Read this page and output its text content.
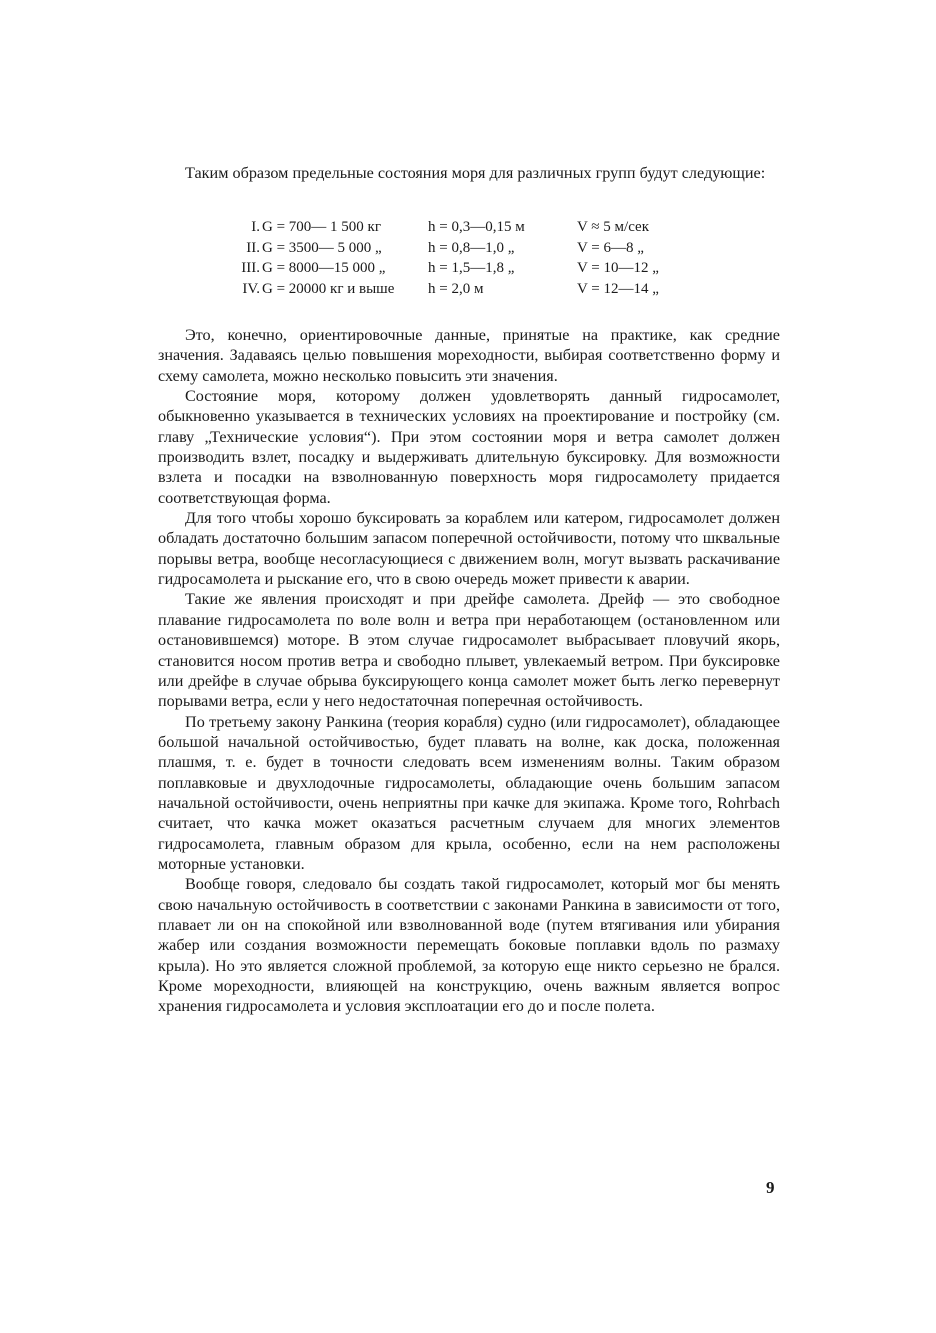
Таким образом предельные состояния моря для различных групп будут следующие:

I. G = 700— 1 500 кг	h = 0,3—0,15 м	V ≈ 5 м/сек
II. G = 3500— 5 000 „	h = 0,8—1,0 „	V = 6—8 „
III. G = 8000—15 000 „	h = 1,5—1,8 „	V = 10—12 „
IV. G = 20000 кг и выше h = 2,0 м	V = 12—14 „

Это, конечно, ориентировочные данные, принятые на практике, как средние значения. Задаваясь целью повышения мореходности, выбирая соответственно форму и схему самолета, можно несколько повысить эти значения.

Состояние моря, которому должен удовлетворять данный гидросамолет, обыкновенно указывается в технических условиях на проектирование и постройку (см. главу „Технические условия“). При этом состоянии моря и ветра самолет должен производить взлет, посадку и выдерживать длительную буксировку. Для возможности взлета и посадки на взволнованную поверхность моря гидросамолету придается соответствующая форма.

Для того чтобы хорошо буксировать за кораблем или катером, гидросамолет должен обладать достаточно большим запасом поперечной остойчивости, потому что шквальные порывы ветра, вообще несогласующиеся с движением волн, могут вызвать раскачивание гидросамолета и рыскание его, что в свою очередь может привести к аварии.

Такие же явления происходят и при дрейфе самолета. Дрейф — это свободное плавание гидросамолета по воле волн и ветра при неработающем (остановленном или остановившемся) моторе. В этом случае гидросамолет выбрасывает пловучий якорь, становится носом против ветра и свободно плывет, увлекаемый ветром. При буксировке или дрейфе в случае обрыва буксирующего конца самолет может быть легко перевернут порывами ветра, если у него недостаточная поперечная остойчивость.

По третьему закону Ранкина (теория корабля) судно (или гидросамолет), обладающее большой начальной остойчивостью, будет плавать на волне, как доска, положенная плашмя, т. е. будет в точности следовать всем изменениям волны. Таким образом поплавковые и двухлодочные гидросамолеты, обладающие очень большим запасом начальной остойчивости, очень неприятны при качке для экипажа. Кроме того, Rohrbach считает, что качка может оказаться расчетным случаем для многих элементов гидросамолета, главным образом для крыла, особенно, если на нем расположены моторные установки.

Вообще говоря, следовало бы создать такой гидросамолет, который мог бы менять свою начальную остойчивость в соответствии с законами Ранкина в зависимости от того, плавает ли он на спокойной или взволнованной воде (путем втягивания или убирания жабер или создания возможности перемещать боковые поплавки вдоль по размаху крыла). Но это является сложной проблемой, за которую еще никто серьезно не брался. Кроме мореходности, влияющей на конструкцию, очень важным является вопрос хранения гидросамолета и условия эксплоатации его до и после полета.

9
